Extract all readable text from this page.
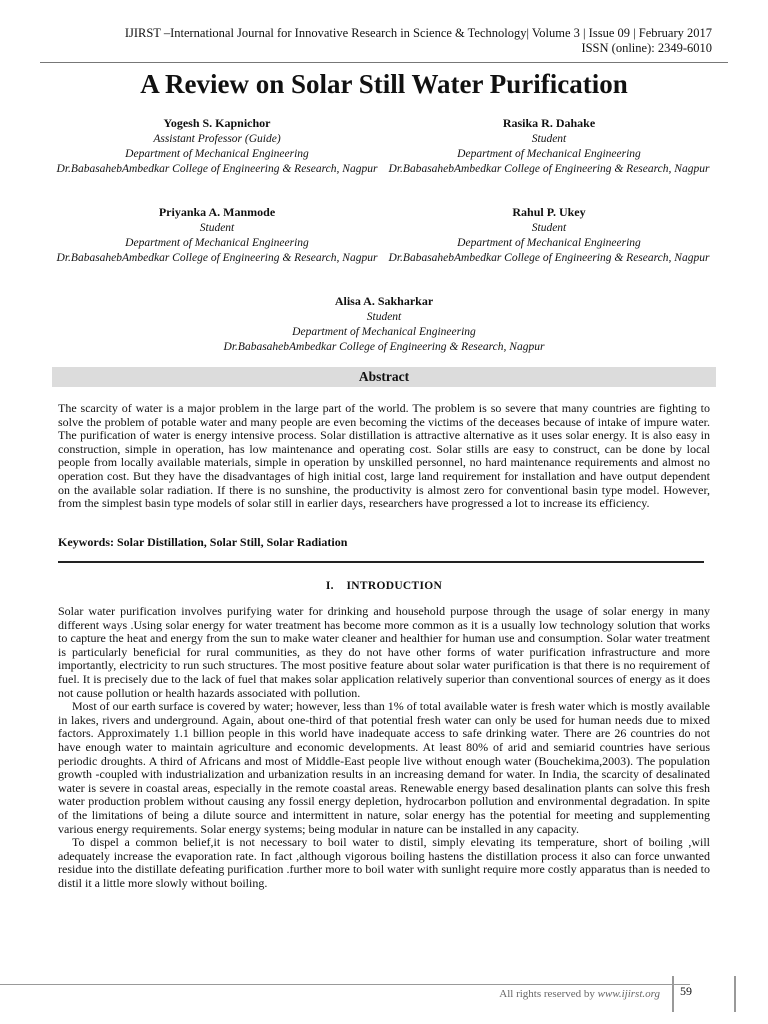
IJIRST –International Journal for Innovative Research in Science & Technology| Volume 3 | Issue 09 | February 2017
ISSN (online): 2349-6010
A Review on Solar Still Water Purification
Yogesh S. Kapnichor
Assistant Professor (Guide)
Department of Mechanical Engineering
Dr.BabasahebAmbedkar College of Engineering & Research, Nagpur
Rasika R. Dahake
Student
Department of Mechanical Engineering
Dr.BabasahebAmbedkar College of Engineering & Research, Nagpur
Priyanka A. Manmode
Student
Department of Mechanical Engineering
Dr.BabasahebAmbedkar College of Engineering & Research, Nagpur
Rahul P. Ukey
Student
Department of Mechanical Engineering
Dr.BabasahebAmbedkar College of Engineering & Research, Nagpur
Alisa A. Sakharkar
Student
Department of Mechanical Engineering
Dr.BabasahebAmbedkar College of Engineering & Research, Nagpur
Abstract
The scarcity of water is a major problem in the large part of the world. The problem is so severe that many countries are fighting to solve the problem of potable water and many people are even becoming the victims of the deceases because of intake of impure water. The purification of water is energy intensive process. Solar distillation is attractive alternative as it uses solar energy. It is also easy in construction, simple in operation, has low maintenance and operating cost. Solar stills are easy to construct, can be done by local people from locally available materials, simple in operation by unskilled personnel, no hard maintenance requirements and almost no operation cost. But they have the disadvantages of high initial cost, large land requirement for installation and have output dependent on the available solar radiation. If there is no sunshine, the productivity is almost zero for conventional basin type model. However, from the simplest basin type models of solar still in earlier days, researchers have progressed a lot to increase its efficiency.
Keywords: Solar Distillation, Solar Still, Solar Radiation
I.    INTRODUCTION

Solar water purification involves purifying water for drinking and household purpose through the usage of solar energy in many different ways .Using solar energy for water treatment has become more common as it is a usually low technology solution that works to capture the heat and energy from the sun to make water cleaner and healthier for human use and consumption. Solar water treatment is particularly beneficial for rural communities, as they do not have other forms of water purification infrastructure and more importantly, electricity to run such structures. The most positive feature about solar water purification is that there is no requirement of fuel. It is precisely due to the lack of fuel that makes solar application relatively superior than conventional sources of energy as it does not cause pollution or health hazards associated with pollution.

Most of our earth surface is covered by water; however, less than 1% of total available water is fresh water which is mostly available in lakes, rivers and underground. Again, about one-third of that potential fresh water can only be used for human needs due to mixed factors. Approximately 1.1 billion people in this world have inadequate access to safe drinking water. There are 26 countries do not have enough water to maintain agriculture and economic developments. At least 80% of arid and semiarid countries have serious periodic droughts. A third of Africans and most of Middle-East people live without enough water (Bouchekima,2003). The population growth -coupled with industrialization and urbanization results in an increasing demand for water. In India, the scarcity of desalinated water is severe in coastal areas, especially in the remote coastal areas. Renewable energy based desalination plants can solve this fresh water production problem without causing any fossil energy depletion, hydrocarbon pollution and environmental degradation. In spite of the limitations of being a dilute source and intermittent in nature, solar energy has the potential for meeting and supplementing various energy requirements. Solar energy systems; being modular in nature can be installed in any capacity.

To dispel a common belief,it is not necessary to boil water to distil, simply elevating its temperature, short of boiling ,will adequately increase the evaporation rate. In fact ,although vigorous boiling hastens the distillation process it also can force unwanted residue into the distillate defeating purification .further more to boil water with sunlight require more costly apparatus than is needed to distil it a little more slowly without boiling.

All rights reserved by www.ijirst.org 59
